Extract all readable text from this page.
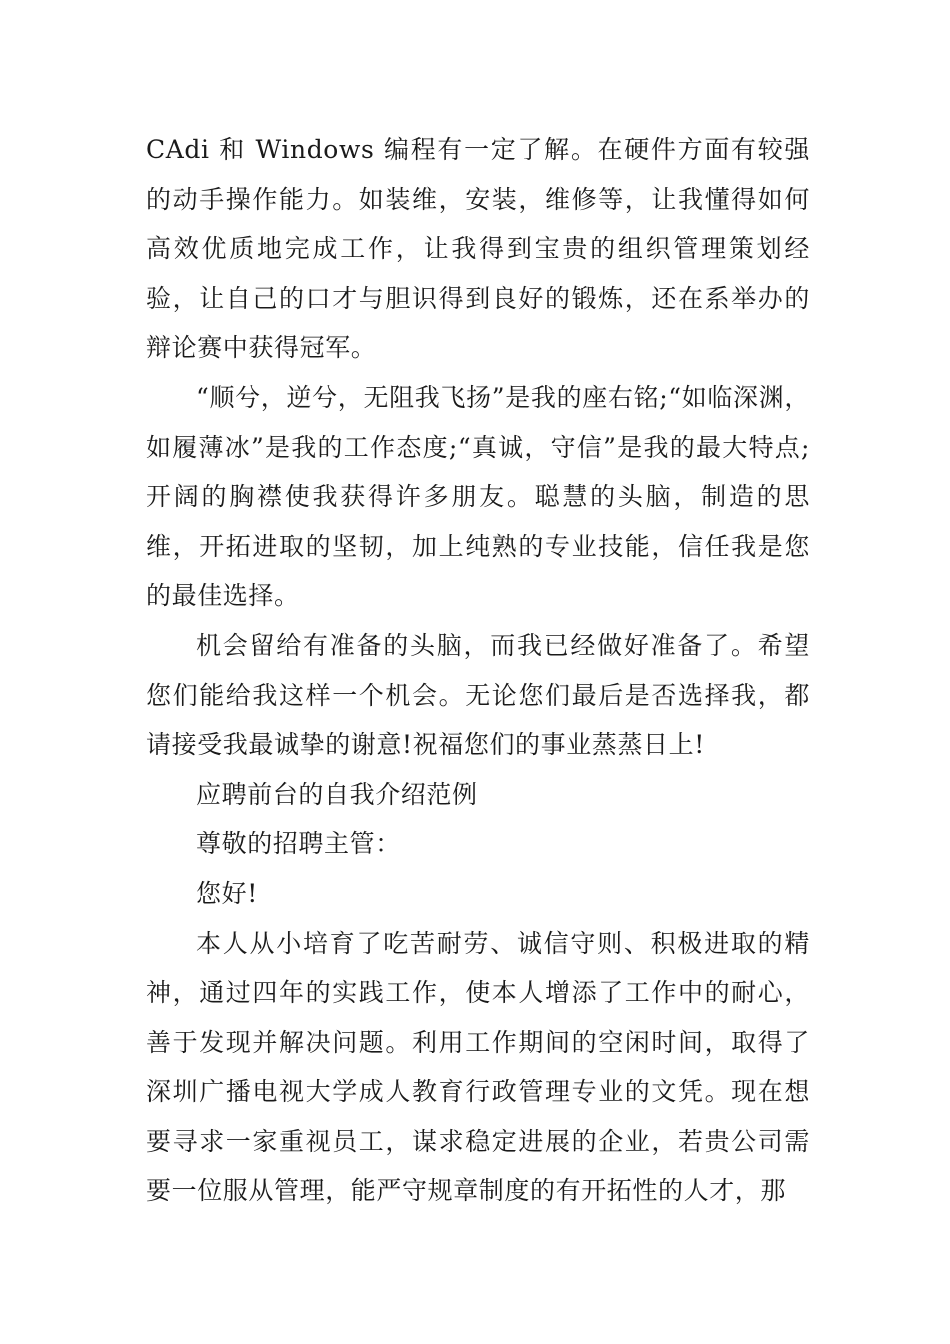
CAdi 和 Windows 编程有一定了解。在硬件方面有较强的动手操作能力。如装维，安装，维修等，让我懂得如何高效优质地完成工作，让我得到宝贵的组织管理策划经验，让自己的口才与胆识得到良好的锻炼，还在系举办的辩论赛中获得冠军。

“顺兮，逆兮，无阻我飞扬”是我的座右铭;“如临深渊，如履薄冰”是我的工作态度;“真诚，守信”是我的最大特点;开阔的胸襟使我获得许多朋友。聪慧的头脑，制造的思维，开拓进取的坚韧，加上纯熟的专业技能，信任我是您的最佳选择。

机会留给有准备的头脑，而我已经做好准备了。希望您们能给我这样一个机会。无论您们最后是否选择我，都请接受我最诚挚的谢意!祝福您们的事业蒸蒸日上!

应聘前台的自我介绍范例

尊敬的招聘主管：

您好!

本人从小培育了吃苦耐劳、诚信守则、积极进取的精神，通过四年的实践工作，使本人增添了工作中的耐心，善于发现并解决问题。利用工作期间的空闲时间，取得了深圳广播电视大学成人教育行政管理专业的文凭。现在想要寻求一家重视员工，谋求稳定进展的企业，若贵公司需要一位服从管理，能严守规章制度的有开拓性的人才，那
